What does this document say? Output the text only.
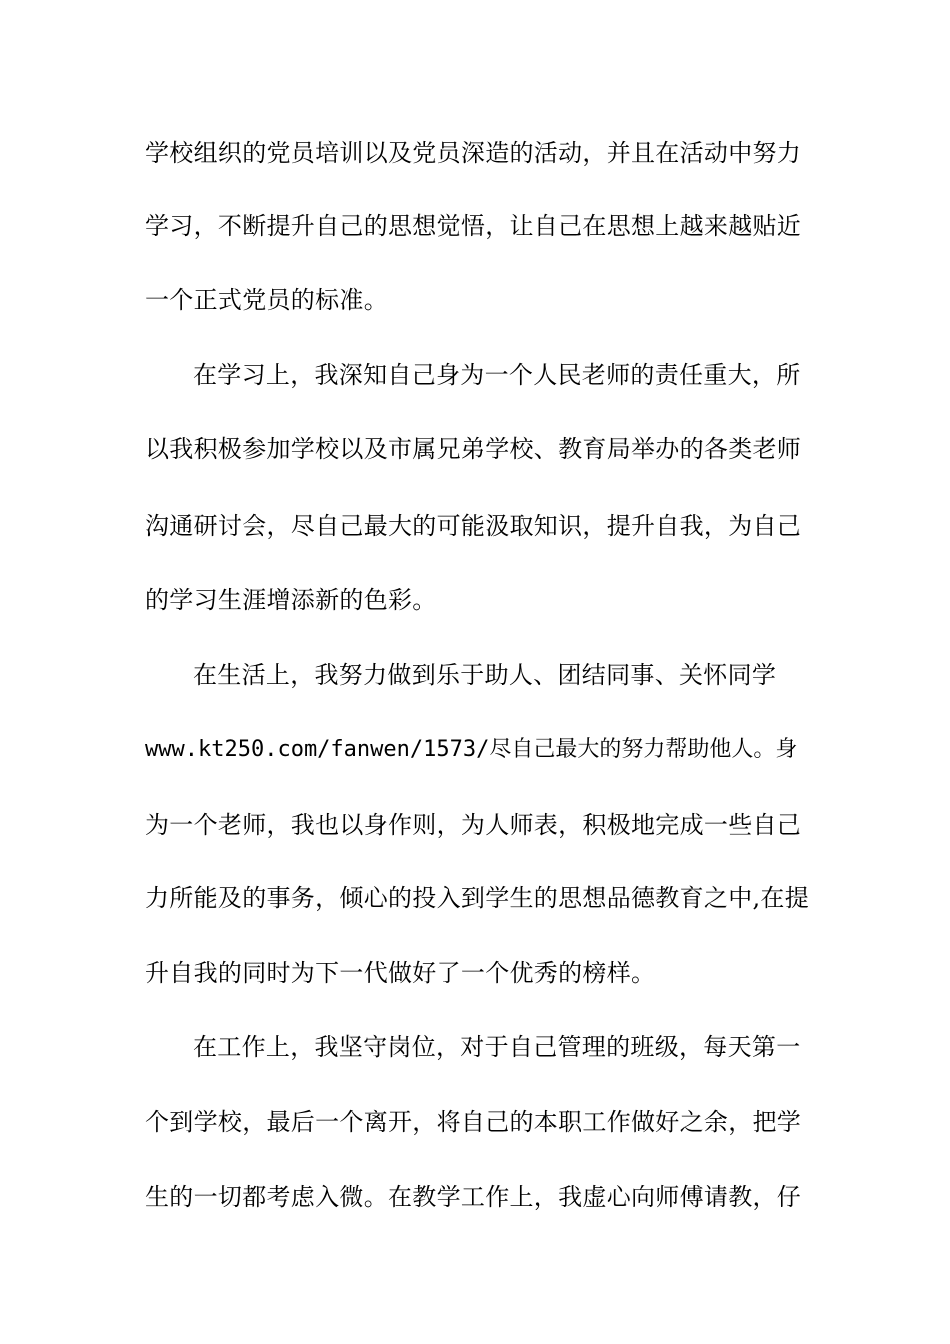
学校组织的党员培训以及党员深造的活动，并且在活动中努力
学习，不断提升自己的思想觉悟，让自己在思想上越来越贴近
一个正式党员的标准。
在学习上，我深知自己身为一个人民老师的责任重大，所
以我积极参加学校以及市属兄弟学校、教育局举办的各类老师
沟通研讨会，尽自己最大的可能汲取知识，提升自我，为自己
的学习生涯增添新的色彩。
在生活上，我努力做到乐于助人、团结同事、关怀同学
www.kt250.com/fanwen/1573/尽自己最大的努力帮助他人。身
为一个老师，我也以身作则，为人师表，积极地完成一些自己
力所能及的事务，倾心的投入到学生的思想品德教育之中,在提
升自我的同时为下一代做好了一个优秀的榜样。
在工作上，我坚守岗位，对于自己管理的班级，每天第一
个到学校，最后一个离开，将自己的本职工作做好之余，把学
生的一切都考虑入微。在教学工作上，我虚心向师傅请教，仔
